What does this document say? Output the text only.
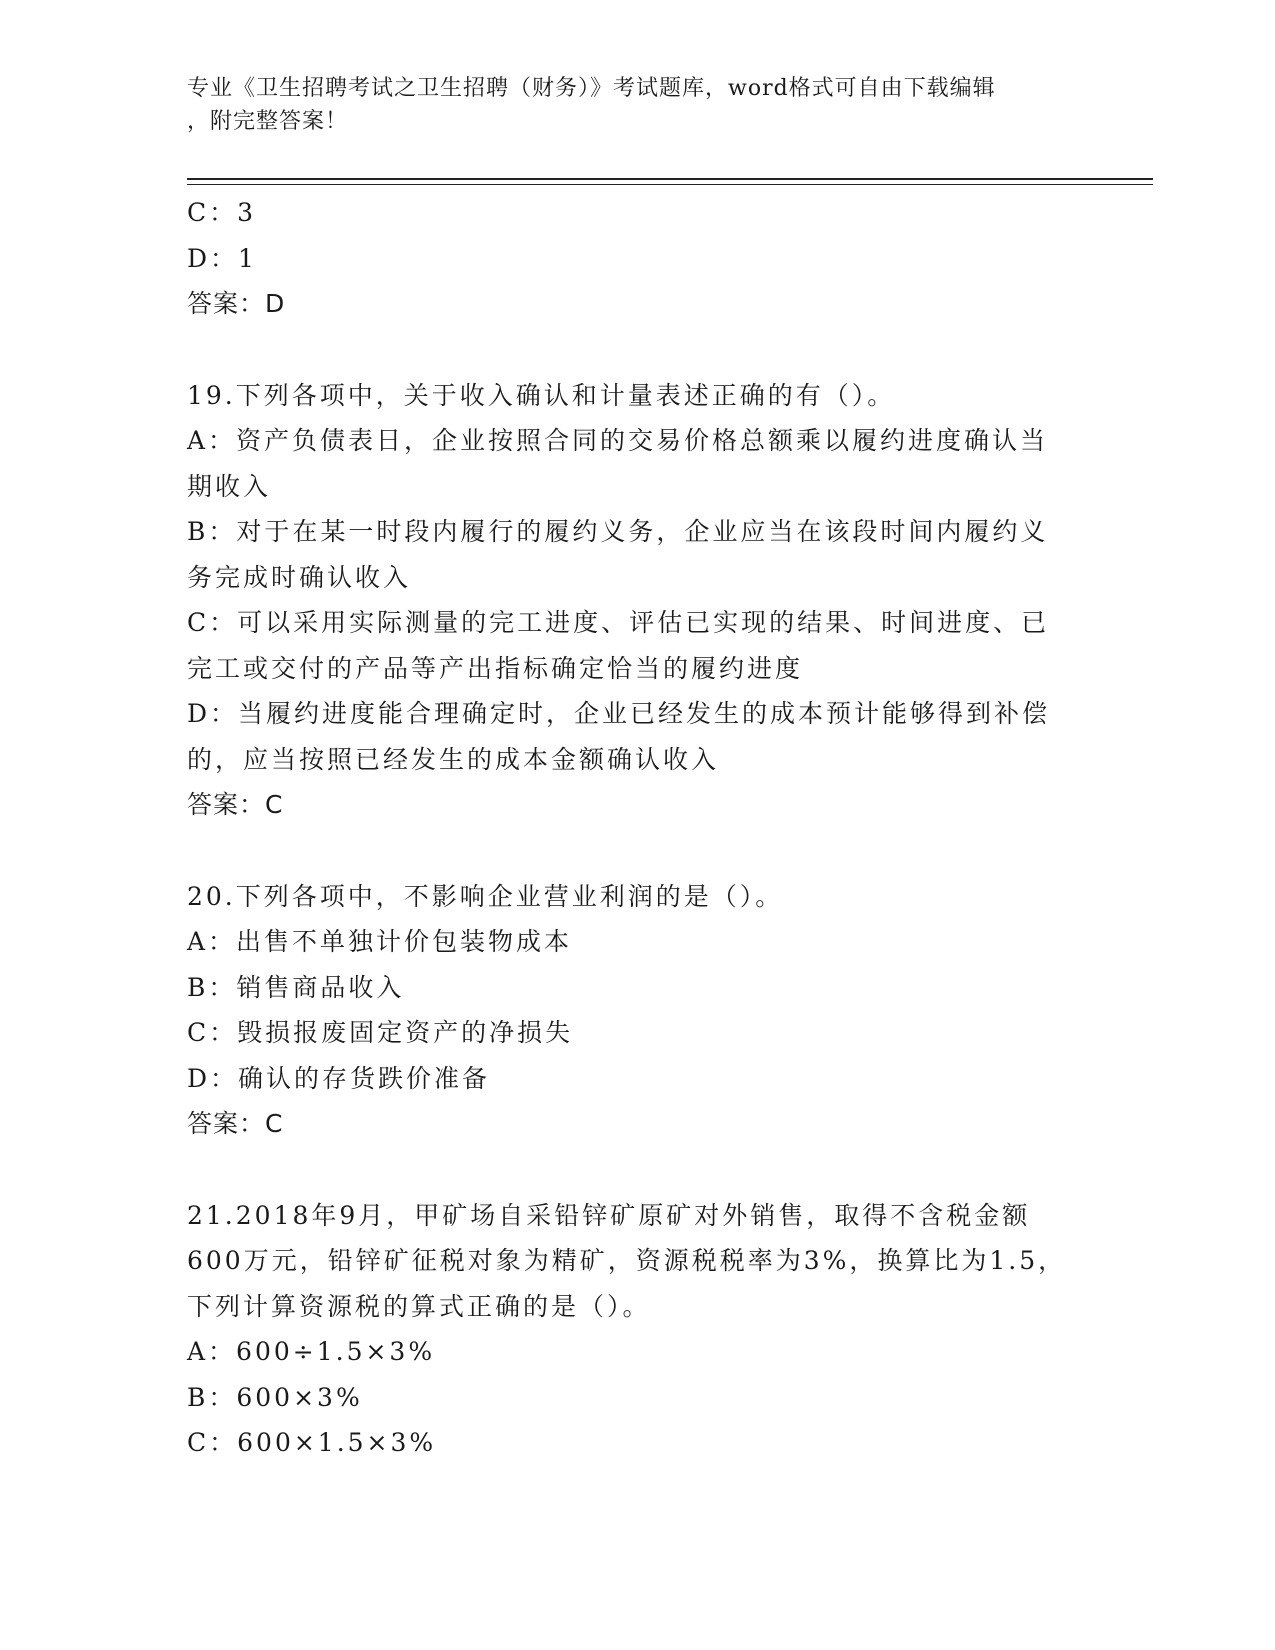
专业《卫生招聘考试之卫生招聘（财务）》考试题库，word格式可自由下载编辑
，附完整答案！
C：3
D：1
答案：D
19.下列各项中，关于收入确认和计量表述正确的有（）。
A：资产负债表日，企业按照合同的交易价格总额乘以履约进度确认当
期收入
B：对于在某一时段内履行的履约义务，企业应当在该段时间内履约义
务完成时确认收入
C：可以采用实际测量的完工进度、评估已实现的结果、时间进度、已
完工或交付的产品等产出指标确定恰当的履约进度
D：当履约进度能合理确定时，企业已经发生的成本预计能够得到补偿
的，应当按照已经发生的成本金额确认收入
答案：C
20.下列各项中，不影响企业营业利润的是（）。
A：出售不单独计价包装物成本
B：销售商品收入
C：毁损报废固定资产的净损失
D：确认的存货跌价准备
答案：C
21.2018年9月，甲矿场自采铅锌矿原矿对外销售，取得不含税金额
600万元，铅锌矿征税对象为精矿，资源税税率为3%，换算比为1.5，
下列计算资源税的算式正确的是（）。
A：600÷1.5×3%
B：600×3%
C：600×1.5×3%
